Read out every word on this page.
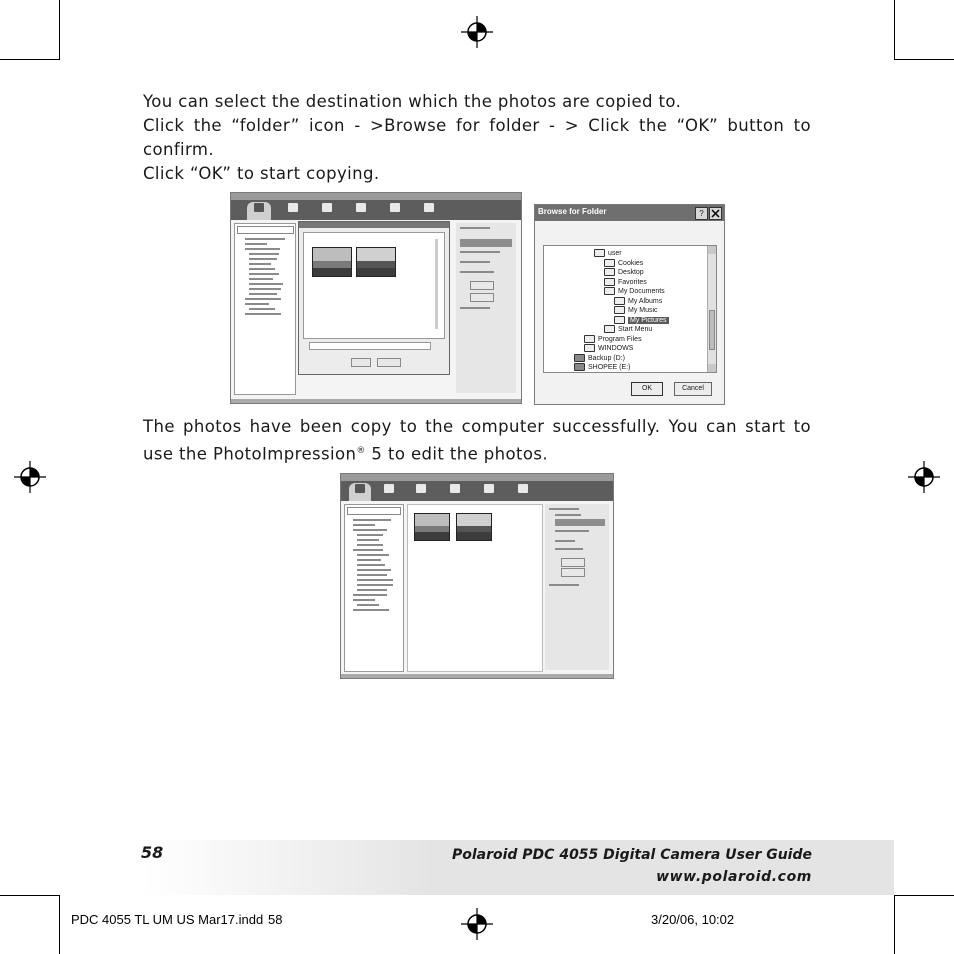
You can select the destination which the photos are copied to.

Click the “folder” icon - >Browse for folder - > Click the “OK” button to confirm.

Click “OK” to start copying.

Browse for Folder	?
user
Cookies
Desktop
Favorites
My Documents
My Albums
My Music
My Pictures
Start Menu
Program Files
WINDOWS
Backup (D:)
SHOPEE (E:)
OK	Cancel

The photos have been copy to the computer successfully. You can start to use the PhotoImpression® 5 to edit the photos.

58	Polaroid PDC 4055 Digital Camera User Guide
www.polaroid.com
PDC 4055 TL UM US Mar17.indd 58	3/20/06, 10:02
